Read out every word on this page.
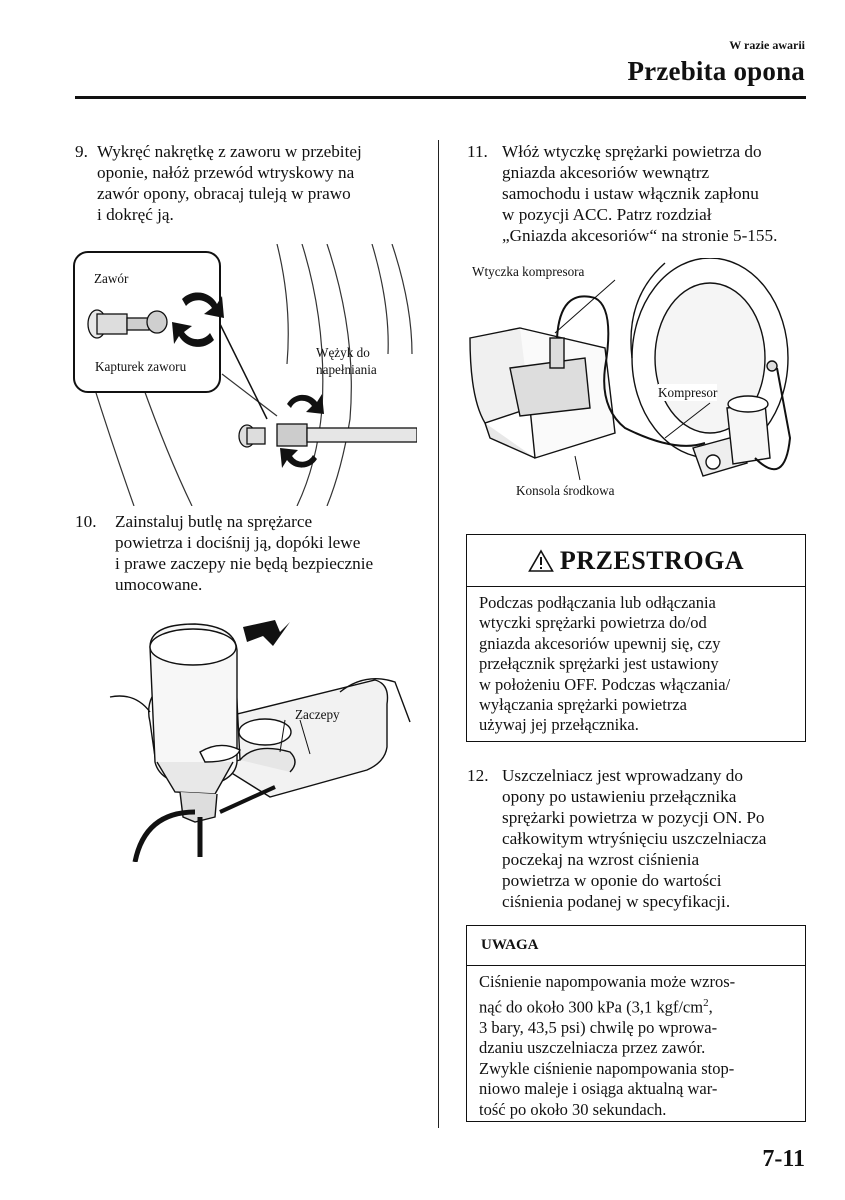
W razie awarii
Przebita opona
9. Wykręć nakrętkę z zaworu w przebitej
oponie, nałóż przewód wtryskowy na
zawór opony, obracaj tuleją w prawo
i dokręć ją.
Zawór
Kapturek zaworu
Wężyk do
napełniania
10. Zainstaluj butlę na sprężarce
powietrza i dociśnij ją, dopóki lewe
i prawe zaczepy nie będą bezpiecznie
umocowane.
Zaczepy
11. Włóż wtyczkę sprężarki powietrza do
gniazda akcesoriów wewnątrz
samochodu i ustaw włącznik zapłonu
w pozycji ACC. Patrz rozdział
„Gniazda akcesoriów“ na stronie 5-155.
Wtyczka kompresora
Kompresor
Konsola środkowa
PRZESTROGA
Podczas podłączania lub odłączania
wtyczki sprężarki powietrza do/od
gniazda akcesoriów upewnij się, czy
przełącznik sprężarki jest ustawiony
w położeniu OFF. Podczas włączania/
wyłączania sprężarki powietrza
używaj jej przełącznika.
12. Uszczelniacz jest wprowadzany do
opony po ustawieniu przełącznika
sprężarki powietrza w pozycji ON. Po
całkowitym wtryśnięciu uszczelniacza
poczekaj na wzrost ciśnienia
powietrza w oponie do wartości
ciśnienia podanej w specyfikacji.
UWAGA
Ciśnienie napompowania może wzros-
nąć do około 300 kPa (3,1 kgf/$cm^2$,
3 bary, 43,5 psi) chwilę po wprowa-
dzaniu uszczelniacza przez zawór.
Zwykle ciśnienie napompowania stop-
niowo maleje i osiąga aktualną war-
tość po około 30 sekundach.
7-11
